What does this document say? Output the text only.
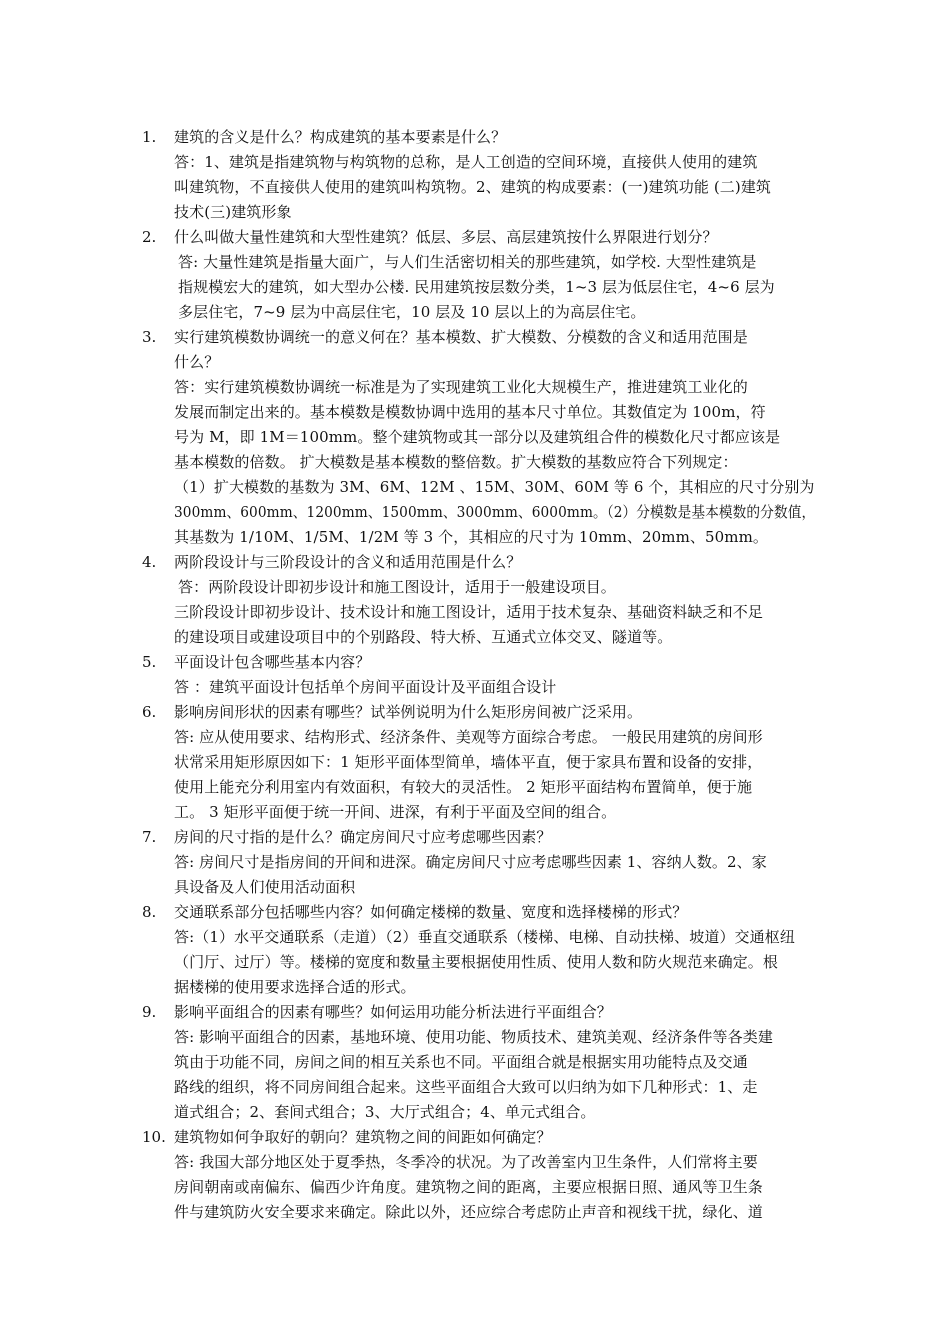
1.	建筑的含义是什么？构成建筑的基本要素是什么？
答：1、建筑是指建筑物与构筑物的总称，是人工创造的空间环境，直接供人使用的建筑
叫建筑物，不直接供人使用的建筑叫构筑物。2、建筑的构成要素：(一)建筑功能 (二)建筑
技术(三)建筑形象
2.	什么叫做大量性建筑和大型性建筑？低层、多层、高层建筑按什么界限进行划分？
答: 大量性建筑是指量大面广，与人们生活密切相关的那些建筑，如学校. 大型性建筑是
指规模宏大的建筑，如大型办公楼. 民用建筑按层数分类，1~3 层为低层住宅，4~6 层为
多层住宅，7~9 层为中高层住宅，10 层及 10 层以上的为高层住宅。
3.	实行建筑模数协调统一的意义何在？基本模数、扩大模数、分模数的含义和适用范围是
什么？
答：实行建筑模数协调统一标准是为了实现建筑工业化大规模生产，推进建筑工业化的
发展而制定出来的。基本模数是模数协调中选用的基本尺寸单位。其数值定为 100m，符
号为 M，即 1M＝100mm。整个建筑物或其一部分以及建筑组合件的模数化尺寸都应该是
基本模数的倍数。 扩大模数是基本模数的整倍数。扩大模数的基数应符合下列规定：
（1）扩大模数的基数为 3M、6M、12M 、15M、30M、60M 等 6 个，其相应的尺寸分别为
300mm、600mm、1200mm、1500mm、3000mm、6000mm。（2）分模数是基本模数的分数值，
其基数为 1/10M、1/5M、1/2M 等 3 个，其相应的尺寸为 10mm、20mm、50mm。
4.	两阶段设计与三阶段设计的含义和适用范围是什么？
答：两阶段设计即初步设计和施工图设计，适用于一般建设项目。
三阶段设计即初步设计、技术设计和施工图设计，适用于技术复杂、基础资料缺乏和不足
的建设项目或建设项目中的个别路段、特大桥、互通式立体交叉、隧道等。
5.	平面设计包含哪些基本内容？
答 ：建筑平面设计包括单个房间平面设计及平面组合设计
6.	影响房间形状的因素有哪些？试举例说明为什么矩形房间被广泛采用。
答: 应从使用要求、结构形式、经济条件、美观等方面综合考虑。 一般民用建筑的房间形
状常采用矩形原因如下：1 矩形平面体型简单，墙体平直，便于家具布置和设备的安排，
使用上能充分利用室内有效面积，有较大的灵活性。 2 矩形平面结构布置简单，便于施
工。 3 矩形平面便于统一开间、进深，有利于平面及空间的组合。
7.	房间的尺寸指的是什么？确定房间尺寸应考虑哪些因素？
答: 房间尺寸是指房间的开间和进深。确定房间尺寸应考虑哪些因素 1、容纳人数。2、家
具设备及人们使用活动面积
8.	交通联系部分包括哪些内容？如何确定楼梯的数量、宽度和选择楼梯的形式？
答:（1）水平交通联系（走道）（2）垂直交通联系（楼梯、电梯、自动扶梯、坡道）交通枢纽
（门厅、过厅）等。楼梯的宽度和数量主要根据使用性质、使用人数和防火规范来确定。根
据楼梯的使用要求选择合适的形式。
9.	影响平面组合的因素有哪些？如何运用功能分析法进行平面组合？
答: 影响平面组合的因素，基地环境、使用功能、物质技术、建筑美观、经济条件等各类建
筑由于功能不同，房间之间的相互关系也不同。平面组合就是根据实用功能特点及交通
路线的组织，将不同房间组合起来。这些平面组合大致可以归纳为如下几种形式：1、走
道式组合；2、套间式组合；3、大厅式组合；4、单元式组合。
10. 建筑物如何争取好的朝向？建筑物之间的间距如何确定？
答: 我国大部分地区处于夏季热，冬季冷的状况。为了改善室内卫生条件，人们常将主要
房间朝南或南偏东、偏西少许角度。建筑物之间的距离，主要应根据日照、通风等卫生条
件与建筑防火安全要求来确定。除此以外，还应综合考虑防止声音和视线干扰，绿化、道
